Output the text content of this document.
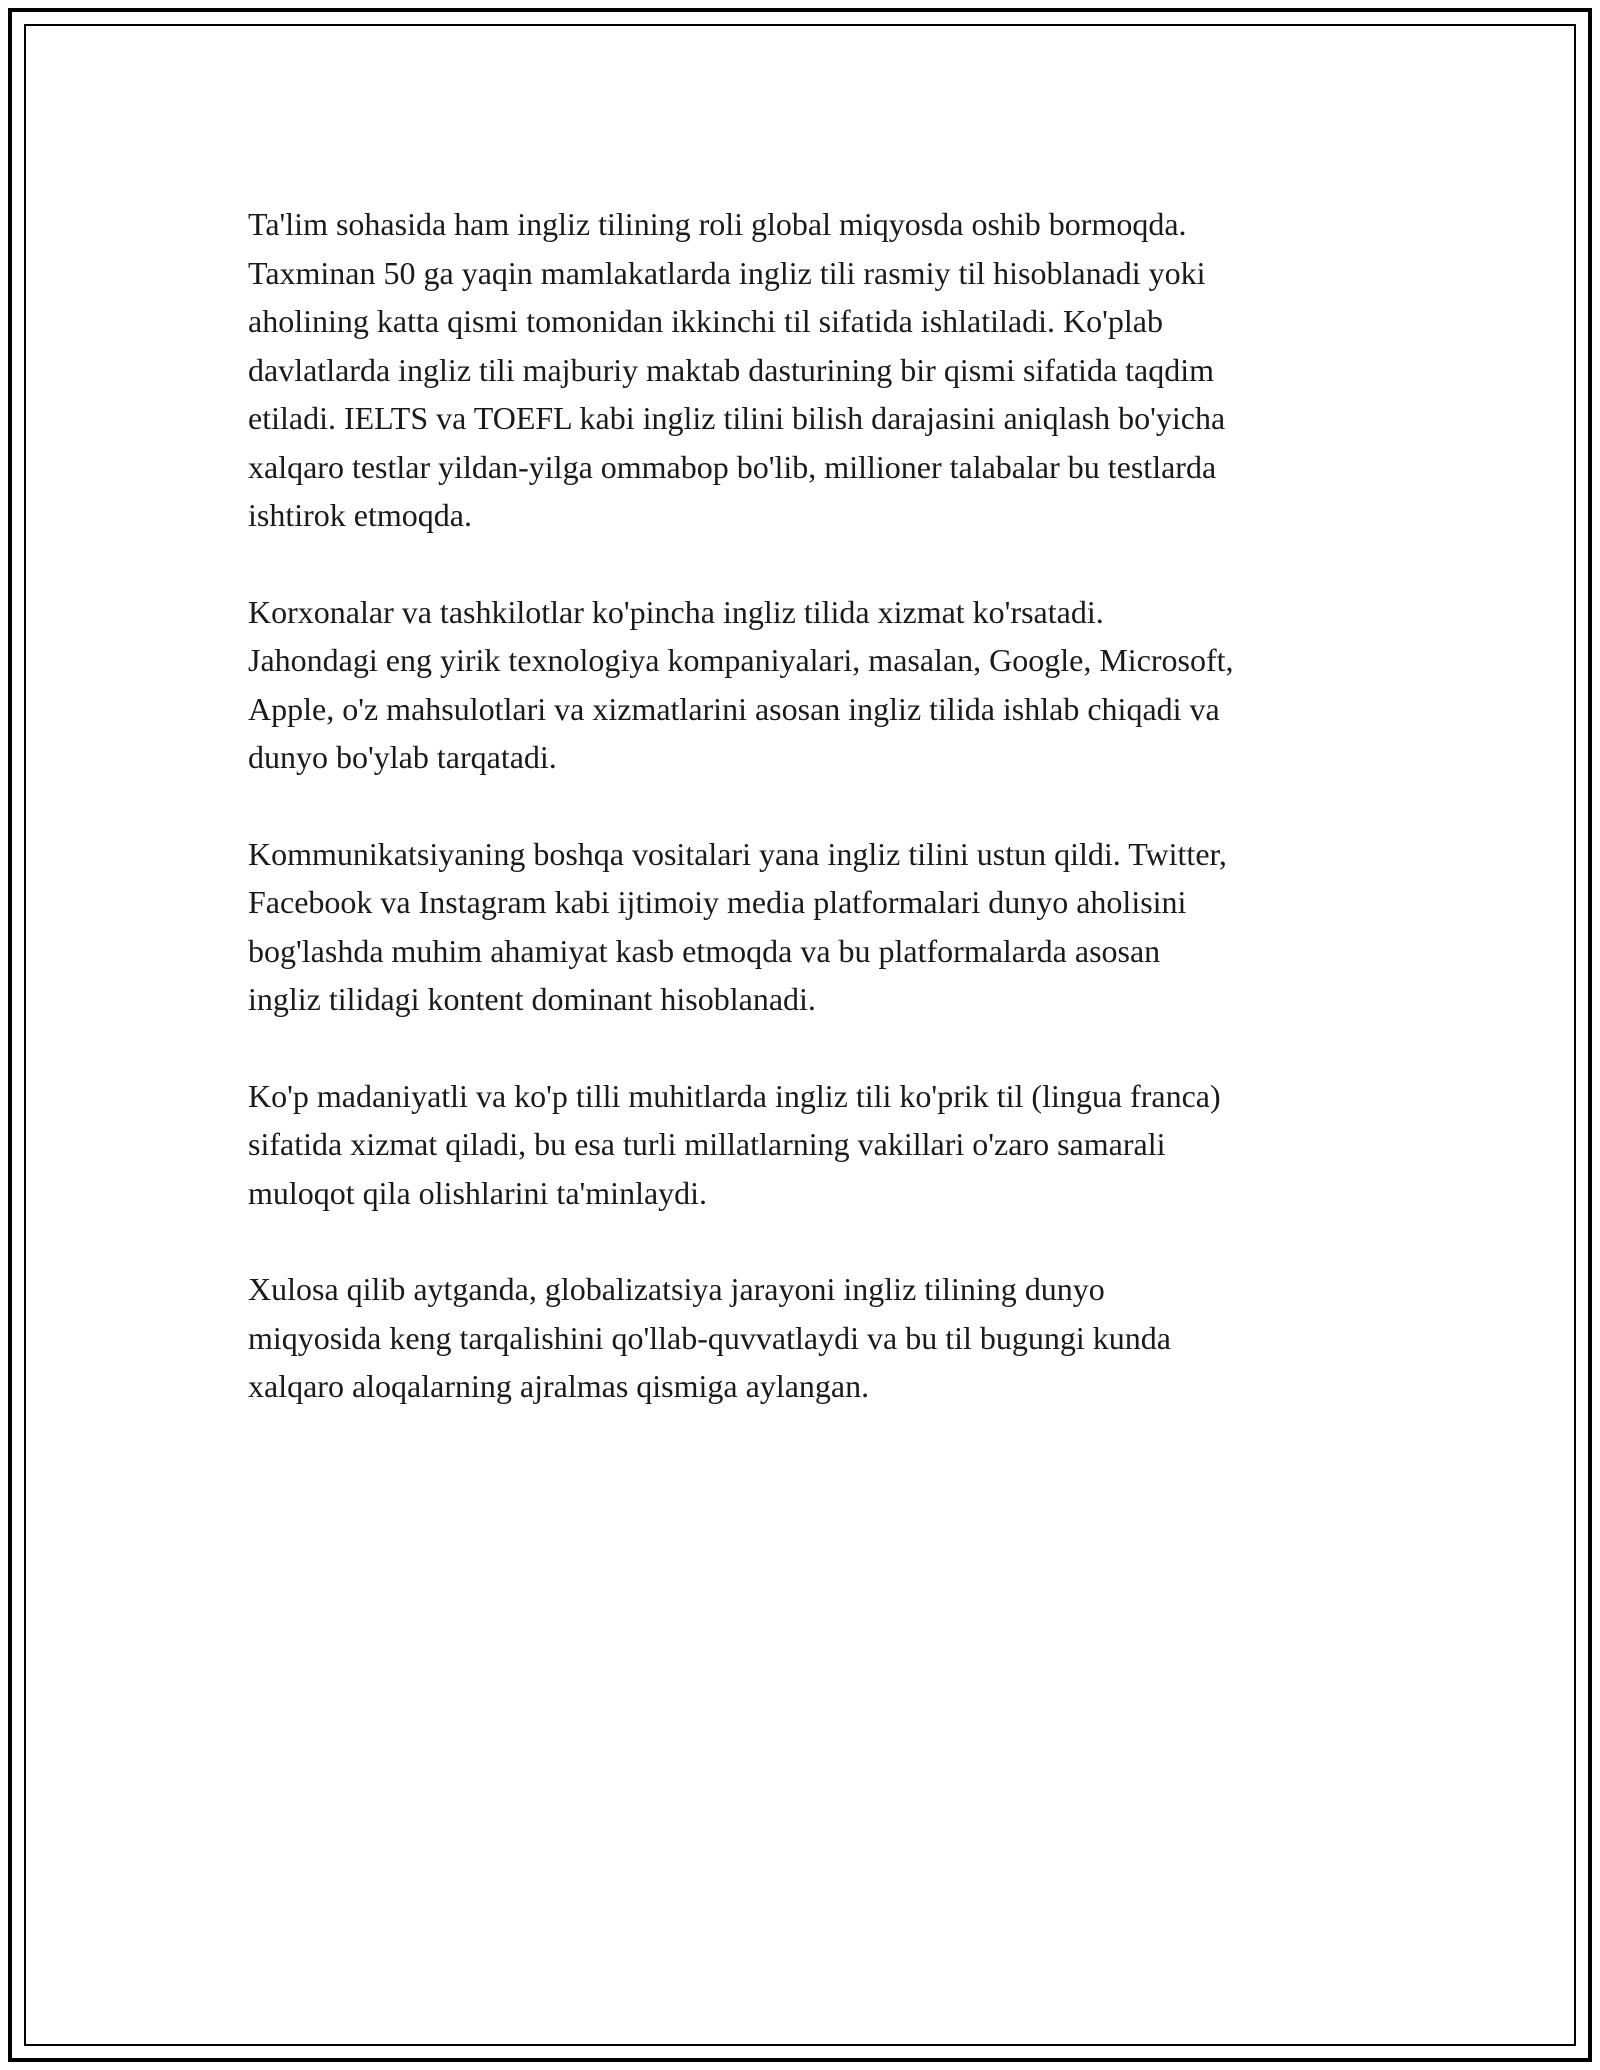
Ta'lim sohasida ham ingliz tilining roli global miqyosda oshib bormoqda.
Taxminan 50 ga yaqin mamlakatlarda ingliz tili rasmiy til hisoblanadi yoki
aholining katta qismi tomonidan ikkinchi til sifatida ishlatiladi. Ko'plab
davlatlarda ingliz tili majburiy maktab dasturining bir qismi sifatida taqdim
etiladi. IELTS va TOEFL kabi ingliz tilini bilish darajasini aniqlash bo'yicha
xalqaro testlar yildan-yilga ommabop bo'lib, millioner talabalar bu testlarda
ishtirok etmoqda.

Korxonalar va tashkilotlar ko'pincha ingliz tilida xizmat ko'rsatadi.
Jahondagi eng yirik texnologiya kompaniyalari, masalan, Google, Microsoft,
Apple, o'z mahsulotlari va xizmatlarini asosan ingliz tilida ishlab chiqadi va
dunyo bo'ylab tarqatadi.

Kommunikatsiyaning boshqa vositalari yana ingliz tilini ustun qildi. Twitter,
Facebook va Instagram kabi ijtimoiy media platformalari dunyo aholisini
bog'lashda muhim ahamiyat kasb etmoqda va bu platformalarda asosan
ingliz tilidagi kontent dominant hisoblanadi.

Ko'p madaniyatli va ko'p tilli muhitlarda ingliz tili ko'prik til (lingua franca)
sifatida xizmat qiladi, bu esa turli millatlarning vakillari o'zaro samarali
muloqot qila olishlarini ta'minlaydi.

Xulosa qilib aytganda, globalizatsiya jarayoni ingliz tilining dunyo
miqyosida keng tarqalishini qo'llab-quvvatlaydi va bu til bugungi kunda
xalqaro aloqalarning ajralmas qismiga aylangan.
